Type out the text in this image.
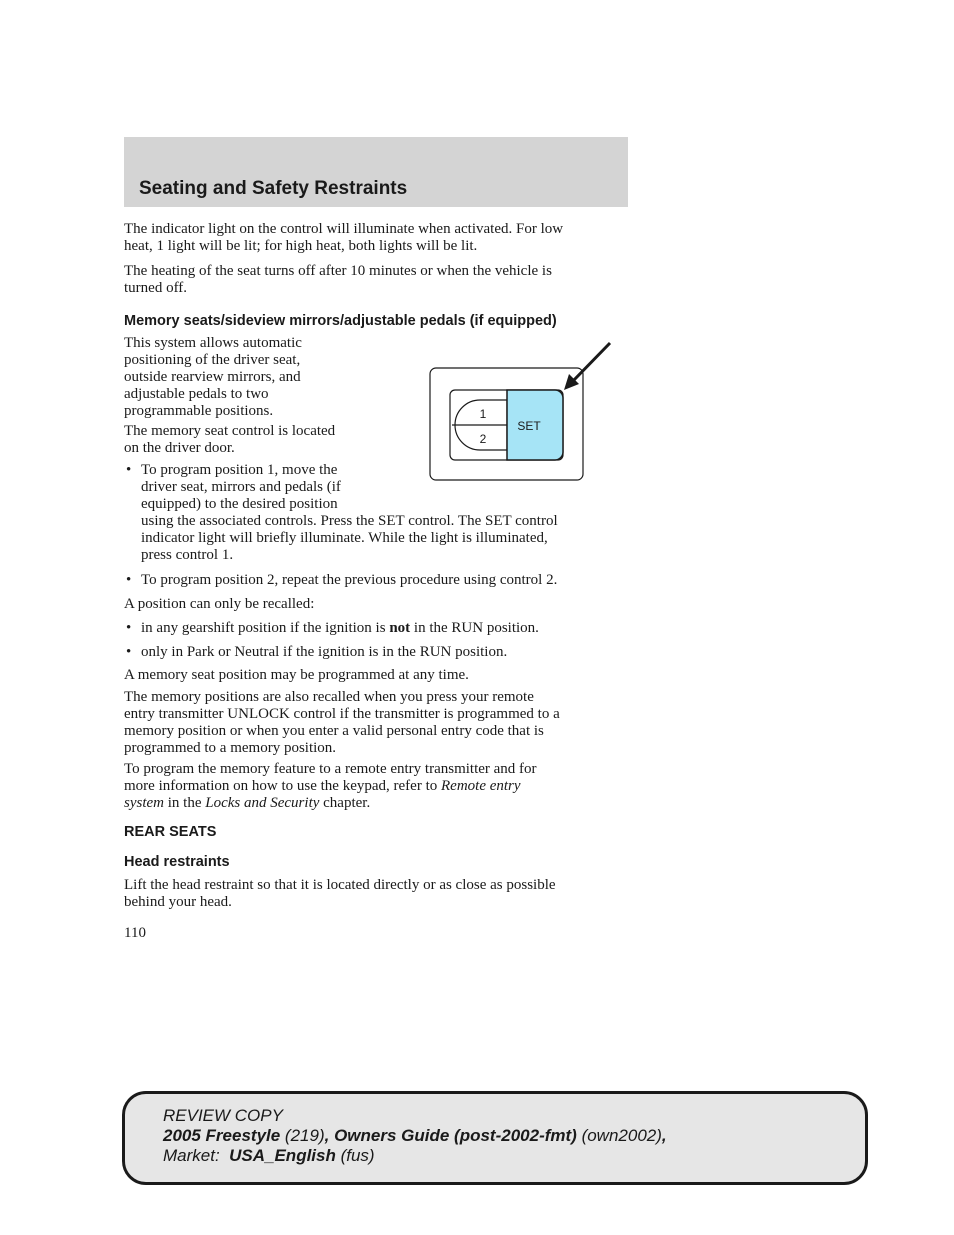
Seating and Safety Restraints
The indicator light on the control will illuminate when activated. For low
heat, 1 light will be lit; for high heat, both lights will be lit.
The heating of the seat turns off after 10 minutes or when the vehicle is
turned off.
Memory seats/sideview mirrors/adjustable pedals (if equipped)
This system allows automatic
positioning of the driver seat,
outside rearview mirrors, and
adjustable pedals to two
programmable positions.
The memory seat control is located
on the driver door.
• To program position 1, move the
driver seat, mirrors and pedals (if
equipped) to the desired position
using the associated controls. Press the SET control. The SET control
indicator light will briefly illuminate. While the light is illuminated,
press control 1.
• To program position 2, repeat the previous procedure using control 2.
A position can only be recalled:
• in any gearshift position if the ignition is not in the RUN position.
• only in Park or Neutral if the ignition is in the RUN position.
A memory seat position may be programmed at any time.
The memory positions are also recalled when you press your remote
entry transmitter UNLOCK control if the transmitter is programmed to a
memory position or when you enter a valid personal entry code that is
programmed to a memory position.
To program the memory feature to a remote entry transmitter and for
more information on how to use the keypad, refer to Remote entry
system in the Locks and Security chapter.
REAR SEATS
Head restraints
Lift the head restraint so that it is located directly or as close as possible
behind your head.
1
2
SET
110
REVIEW COPY
2005 Freestyle (219), Owners Guide (post-2002-fmt) (own2002),
Market:  USA_English (fus)
